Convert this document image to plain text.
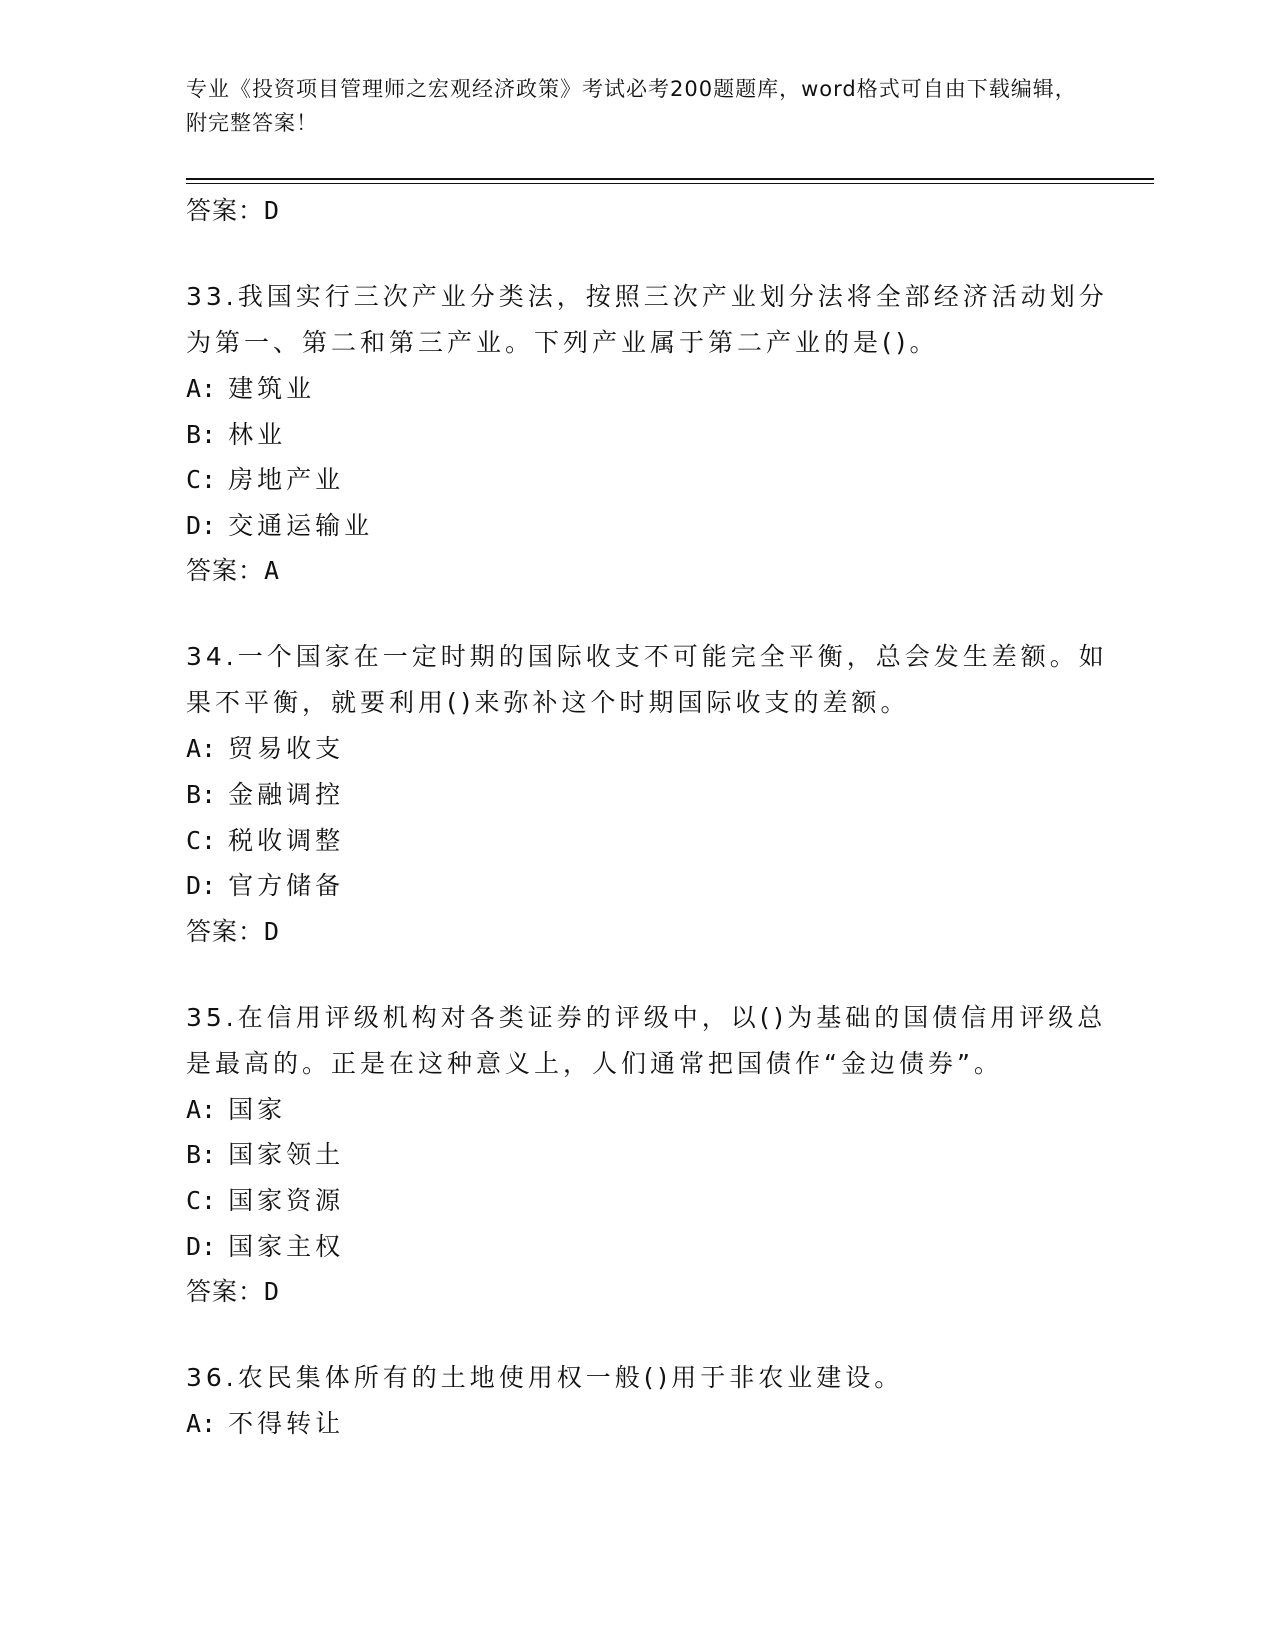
专业《投资项目管理师之宏观经济政策》考试必考200题题库，word格式可自由下载编辑，附完整答案！

答案：D

33.我国实行三次产业分类法，按照三次产业划分法将全部经济活动划分为第一、第二和第三产业。下列产业属于第二产业的是()。

A: 建筑业

B: 林业

C: 房地产业

D: 交通运输业

答案：A

34.一个国家在一定时期的国际收支不可能完全平衡，总会发生差额。如果不平衡，就要利用()来弥补这个时期国际收支的差额。

A: 贸易收支

B: 金融调控

C: 税收调整

D: 官方储备

答案：D

35.在信用评级机构对各类证券的评级中，以()为基础的国债信用评级总是最高的。正是在这种意义上，人们通常把国债作“金边债券”。

A: 国家

B: 国家领土

C: 国家资源

D: 国家主权

答案：D

36.农民集体所有的土地使用权一般()用于非农业建设。

A: 不得转让
